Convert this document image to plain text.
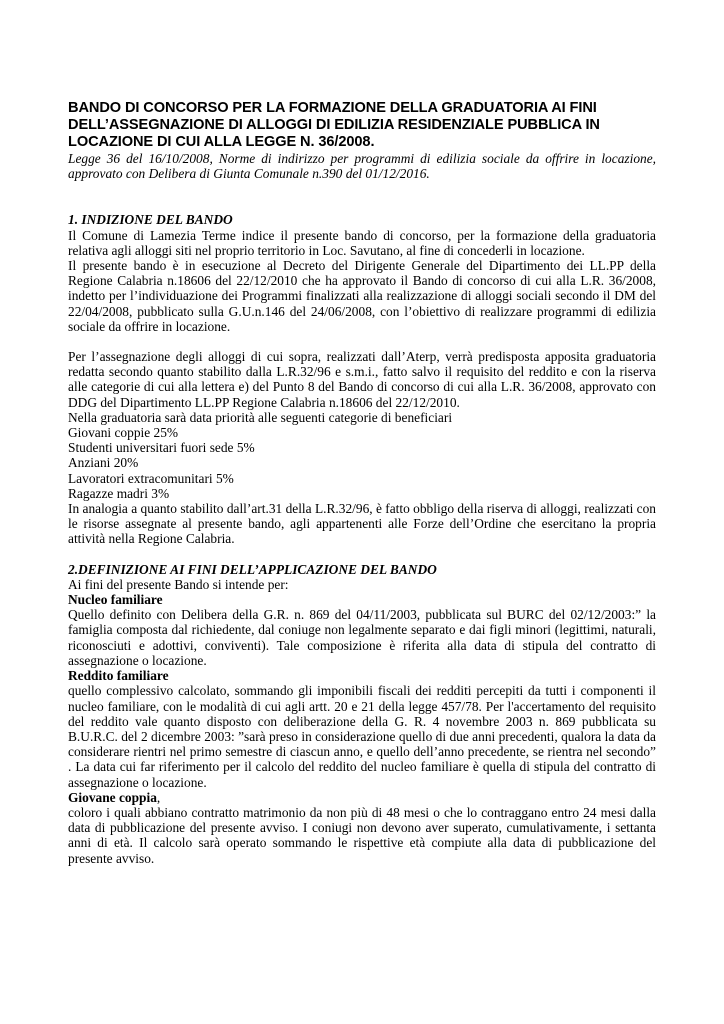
BANDO DI CONCORSO PER LA FORMAZIONE DELLA GRADUATORIA AI FINI
DELL’ASSEGNAZIONE DI ALLOGGI DI EDILIZIA RESIDENZIALE PUBBLICA IN
LOCAZIONE DI CUI ALLA LEGGE N. 36/2008.

Legge 36 del 16/10/2008, Norme di indirizzo per programmi di edilizia sociale da offrire in locazione, approvato con Delibera di Giunta Comunale n.390 del 01/12/2016.

1. INDIZIONE DEL BANDO

Il Comune di Lamezia Terme indice il presente bando di concorso, per la formazione della graduatoria relativa agli alloggi siti nel proprio territorio in Loc. Savutano, al fine di concederli in locazione.

Il presente bando è in esecuzione al Decreto del Dirigente Generale del Dipartimento dei LL.PP della Regione Calabria n.18606 del 22/12/2010 che ha approvato il Bando di concorso di cui alla L.R. 36/2008, indetto per l’individuazione dei Programmi finalizzati alla realizzazione di alloggi sociali secondo il DM del 22/04/2008, pubblicato sulla G.U.n.146 del 24/06/2008, con l’obiettivo di realizzare programmi di edilizia sociale da offrire in locazione.

Per l’assegnazione degli alloggi di cui sopra, realizzati dall’Aterp, verrà predisposta apposita graduatoria redatta secondo quanto stabilito dalla L.R.32/96 e s.m.i., fatto salvo il requisito del reddito e con la riserva alle categorie di cui alla lettera e) del Punto 8 del Bando di concorso di cui alla L.R. 36/2008, approvato con DDG del Dipartimento LL.PP Regione Calabria n.18606 del 22/12/2010.

Nella graduatoria sarà data priorità alle seguenti categorie di beneficiari

Giovani coppie 25%
Studenti universitari fuori sede 5%
Anziani 20%
Lavoratori extracomunitari 5%
Ragazze madri 3%

In analogia a quanto stabilito dall’art.31 della L.R.32/96, è fatto obbligo della riserva di alloggi, realizzati con le risorse assegnate al presente bando, agli appartenenti alle Forze dell’Ordine che esercitano la propria attività nella Regione Calabria.

2.DEFINIZIONE AI FINI DELL’APPLICAZIONE DEL BANDO

Ai fini del presente Bando si intende per:

Nucleo familiare

Quello definito con Delibera della G.R. n. 869 del 04/11/2003, pubblicata sul BURC del 02/12/2003:” la famiglia composta dal richiedente, dal coniuge non legalmente separato e dai figli minori (legittimi, naturali, riconosciuti e adottivi, conviventi). Tale composizione è riferita alla data di stipula del contratto di assegnazione o locazione.

Reddito familiare

quello complessivo calcolato, sommando gli imponibili fiscali dei redditi percepiti da tutti i componenti il nucleo familiare, con le modalità di cui agli artt. 20 e 21 della legge 457/78. Per l'accertamento del requisito del reddito vale quanto disposto con deliberazione della G. R. 4 novembre 2003 n. 869 pubblicata su B.U.R.C. del 2 dicembre 2003: ”sarà preso in considerazione quello di due anni precedenti, qualora la data da considerare rientri nel primo semestre di ciascun anno, e quello dell’anno precedente, se rientra nel secondo” . La data cui far riferimento per il calcolo del reddito del nucleo familiare è quella di stipula del contratto di assegnazione o locazione.

Giovane coppia,

coloro i quali abbiano contratto matrimonio da non più di 48 mesi o che lo contraggano entro 24 mesi dalla data di pubblicazione del presente avviso. I coniugi non devono aver superato, cumulativamente, i settanta anni di età. Il calcolo sarà operato sommando le rispettive età compiute alla data di pubblicazione del presente avviso.
